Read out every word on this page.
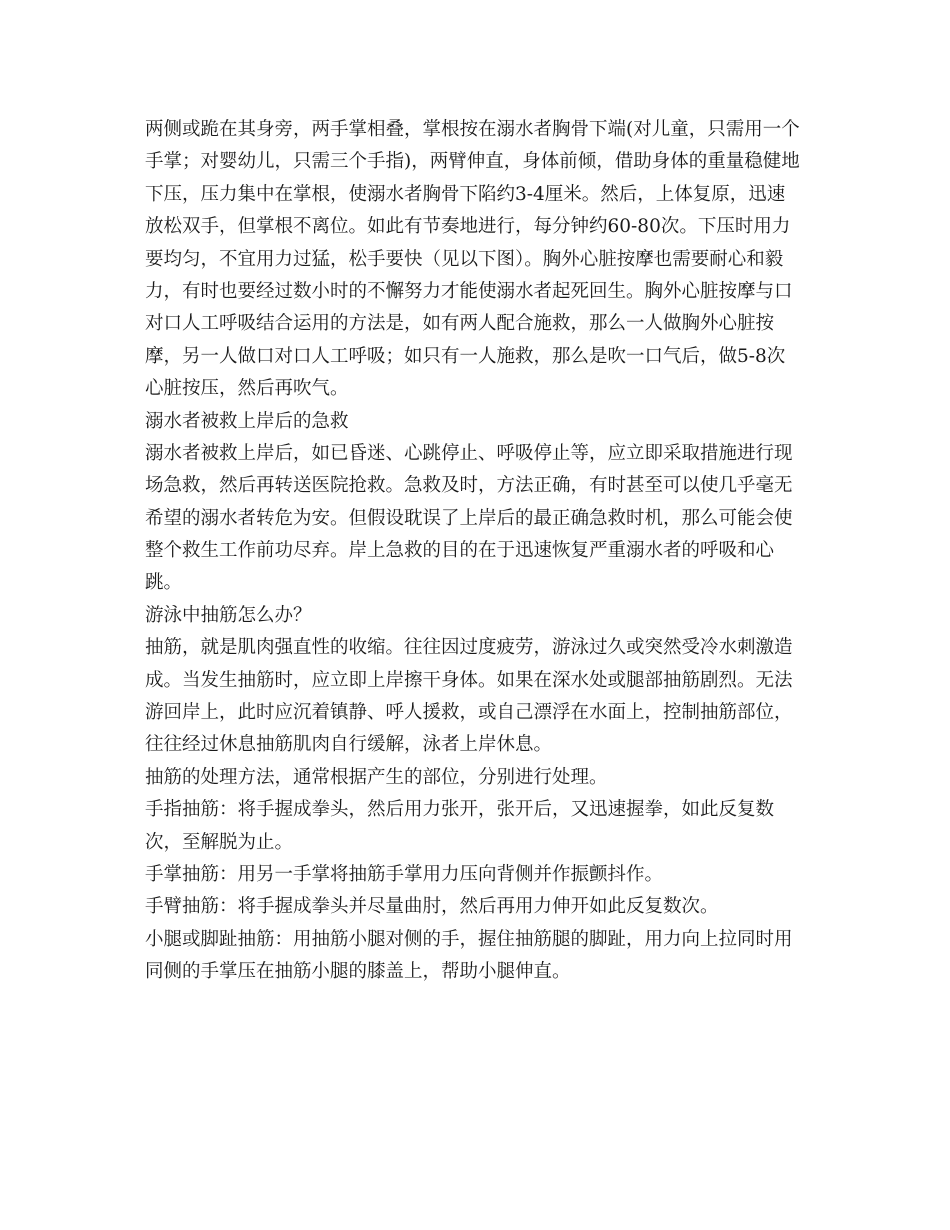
两侧或跪在其身旁，两手掌相叠，掌根按在溺水者胸骨下端(对儿童，只需用一个
手掌；对婴幼儿，只需三个手指)，两臂伸直，身体前倾，借助身体的重量稳健地
下压，压力集中在掌根，使溺水者胸骨下陷约3-4厘米。然后，上体复原，迅速
放松双手，但掌根不离位。如此有节奏地进行，每分钟约60-80次。下压时用力
要均匀，不宜用力过猛，松手要快（见以下图）。胸外心脏按摩也需要耐心和毅
力，有时也要经过数小时的不懈努力才能使溺水者起死回生。胸外心脏按摩与口
对口人工呼吸结合运用的方法是，如有两人配合施救，那么一人做胸外心脏按
摩，另一人做口对口人工呼吸；如只有一人施救，那么是吹一口气后，做5-8次
心脏按压，然后再吹气。
溺水者被救上岸后的急救
溺水者被救上岸后，如已昏迷、心跳停止、呼吸停止等，应立即采取措施进行现
场急救，然后再转送医院抢救。急救及时，方法正确，有时甚至可以使几乎毫无
希望的溺水者转危为安。但假设耽误了上岸后的最正确急救时机，那么可能会使
整个救生工作前功尽弃。岸上急救的目的在于迅速恢复严重溺水者的呼吸和心
跳。
游泳中抽筋怎么办？
抽筋，就是肌肉强直性的收缩。往往因过度疲劳，游泳过久或突然受冷水刺激造
成。当发生抽筋时，应立即上岸擦干身体。如果在深水处或腿部抽筋剧烈。无法
游回岸上，此时应沉着镇静、呼人援救，或自己漂浮在水面上，控制抽筋部位，
往往经过休息抽筋肌肉自行缓解，泳者上岸休息。
抽筋的处理方法，通常根据产生的部位，分别进行处理。
手指抽筋：将手握成拳头，然后用力张开，张开后，又迅速握拳，如此反复数
次，至解脱为止。
手掌抽筋：用另一手掌将抽筋手掌用力压向背侧并作振颤抖作。
手臂抽筋：将手握成拳头并尽量曲肘，然后再用力伸开如此反复数次。
小腿或脚趾抽筋：用抽筋小腿对侧的手，握住抽筋腿的脚趾，用力向上拉同时用
同侧的手掌压在抽筋小腿的膝盖上，帮助小腿伸直。
